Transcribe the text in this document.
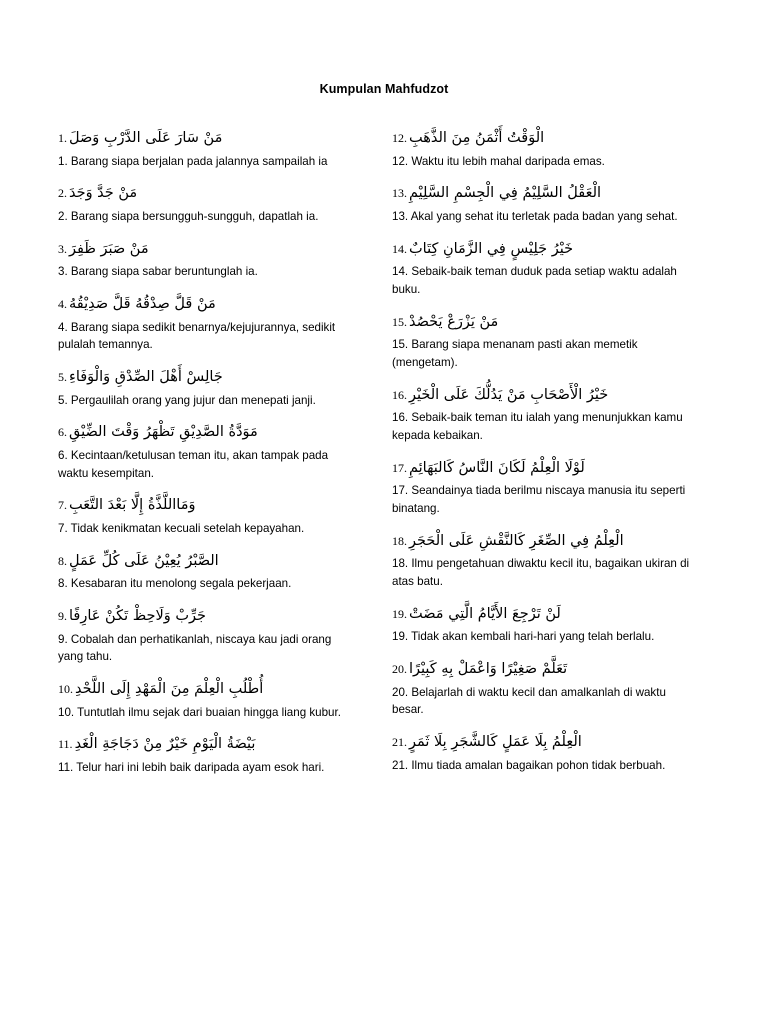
Kumpulan Mahfudzot
1. مَنْ سَارَ عَلَى الدَّرْبِ وَصَلَ
1. Barang siapa berjalan pada jalannya sampailah ia
2. مَنْ جَدَّ وَجَدَ
2. Barang siapa bersungguh-sungguh, dapatlah ia.
3. مَنْ صَبَرَ ظَفِرَ
3. Barang siapa sabar beruntunglah ia.
4. مَنْ قَلَّ صِدْقُهُ قَلَّ صَدِيْقُهُ
4. Barang siapa sedikit benarnya/kejujurannya, sedikit pulalah temannya.
5. جَالِسْ أَهْلَ الصِّدْقِ وَالْوَفَاءِ
5. Pergaulilah orang yang jujur dan menepati janji.
6. مَوَدَّةُ الصَّدِيْقِ تَظْهَرُ وَقْتَ الضِّيْقِ
6. Kecintaan/ketulusan teman itu, akan tampak pada waktu kesempitan.
7. وَمَااللَّذَّةُ إِلَّا بَعْدَ التَّعَبِ
7. Tidak kenikmatan kecuali setelah kepayahan.
8. الصَّبْرُ يُعِيْنُ عَلَى كُلِّ عَمَلٍ
8. Kesabaran itu menolong segala pekerjaan.
9. جَرِّبْ وَلَاحِظْ تَكُنْ عَارِفًا
9. Cobalah dan perhatikanlah, niscaya kau jadi orang yang tahu.
10. أُطْلُبِ الْعِلْمَ مِنَ الْمَهْدِ إِلَى اللَّحْدِ
10. Tuntutlah ilmu sejak dari buaian hingga liang kubur.
11. بَيْضَةُ الْيَوْمِ خَيْرٌ مِنْ دَجَاجَةِ الْغَدِ
11. Telur hari ini lebih baik daripada ayam esok hari.
12. الْوَقْتُ أَثْمَنُ مِنَ الذَّهَبِ
12. Waktu itu lebih mahal daripada emas.
13. الْعَقْلُ السَّلِيْمُ فِي الْجِسْمِ السَّلِيْمِ
13. Akal yang sehat itu terletak pada badan yang sehat.
14. خَيْرُ جَلِيْسٍ فِي الزَّمَانِ كِتَابٌ
14. Sebaik-baik teman duduk pada setiap waktu adalah buku.
15. مَنْ يَزْرَعْ يَحْصُدْ
15. Barang siapa menanam pasti akan memetik (mengetam).
16. خَيْرُ الْأَصْحَابِ مَنْ يَدُلُّكَ عَلَى الْخَيْرِ
16. Sebaik-baik teman itu ialah yang menunjukkan kamu kepada kebaikan.
17. لَوْلَا الْعِلْمُ لَكَانَ النَّاسُ كَالبَهَائِمِ
17. Seandainya tiada berilmu niscaya manusia itu seperti binatang.
18. الْعِلْمُ فِي الصِّغَرِ كَالنَّقْشِ عَلَى الْحَجَرِ
18. Ilmu pengetahuan diwaktu kecil itu, bagaikan ukiran di atas batu.
19. لَنْ تَرْجِعَ الأَيَّامُ الَّتِي مَضَتْ
19. Tidak akan kembali hari-hari yang telah berlalu.
20. تَعَلَّمْ صَغِيْرًا وَاعْمَلْ بِهِ كَبِيْرًا
20. Belajarlah di waktu kecil dan amalkanlah di waktu besar.
21. الْعِلْمُ بِلَا عَمَلٍ كَالشَّجَرِ بِلَا ثَمَرٍ
21. Ilmu tiada amalan bagaikan pohon tidak berbuah.
